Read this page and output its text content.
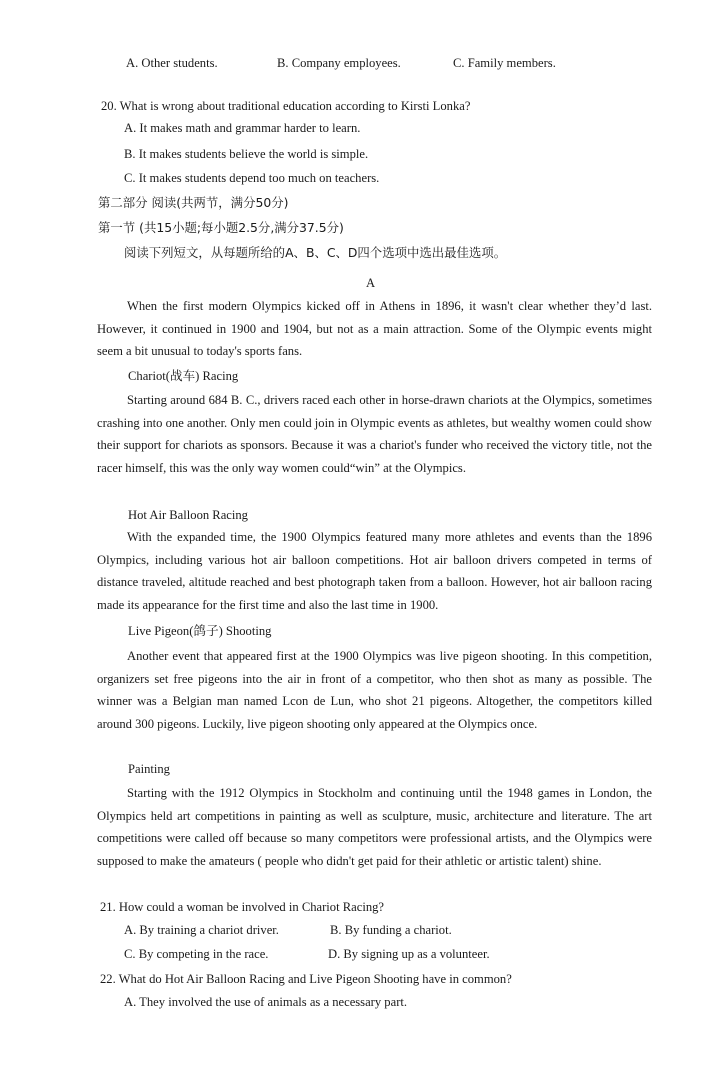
A. Other students.	B. Company employees.	C. Family members.
20. What is wrong about traditional education according to Kirsti Lonka?
A. It makes math and grammar harder to learn.
B. It makes students believe the world is simple.
C. It makes students depend too much on teachers.
第二部分 阅读(共两节，满分50分)
第一节 (共15小题;每小题2.5分,满分37.5分)
阅读下列短文，从每题所给的A、B、C、D四个选项中选出最佳选项。
A
When the first modern Olympics kicked off in Athens in 1896, it wasn't clear whether they’d last. However, it continued in 1900 and 1904, but not as a main attraction. Some of the Olympic events might seem a bit unusual to today's sports fans.
Chariot(战车) Racing
Starting around 684 B. C., drivers raced each other in horse-drawn chariots at the Olympics, sometimes crashing into one another. Only men could join in Olympic events as athletes, but wealthy women could show their support for chariots as sponsors. Because it was a chariot's funder who received the victory title, not the racer himself, this was the only way women could“win” at the Olympics.
Hot Air Balloon Racing
With the expanded time, the 1900 Olympics featured many more athletes and events than the 1896 Olympics, including various hot air balloon competitions. Hot air balloon drivers competed in terms of distance traveled, altitude reached and best photograph taken from a balloon. However, hot air balloon racing made its appearance for the first time and also the last time in 1900.
Live Pigeon(鸽子) Shooting
Another event that appeared first at the 1900 Olympics was live pigeon shooting. In this competition, organizers set free pigeons into the air in front of a competitor, who then shot as many as possible. The winner was a Belgian man named Lcon de Lun, who shot 21 pigeons. Altogether, the competitors killed around 300 pigeons. Luckily, live pigeon shooting only appeared at the Olympics once.
Painting
Starting with the 1912 Olympics in Stockholm and continuing until the 1948 games in London, the Olympics held art competitions in painting as well as sculpture, music, architecture and literature. The art competitions were called off because so many competitors were professional artists, and the Olympics were supposed to make the amateurs ( people who didn't get paid for their athletic or artistic talent) shine.
21. How could a woman be involved in Chariot Racing?
A. By training a chariot driver.	B. By funding a chariot.
C. By competing in the race.	D. By signing up as a volunteer.
22. What do Hot Air Balloon Racing and Live Pigeon Shooting have in common?
A. They involved the use of animals as a necessary part.
